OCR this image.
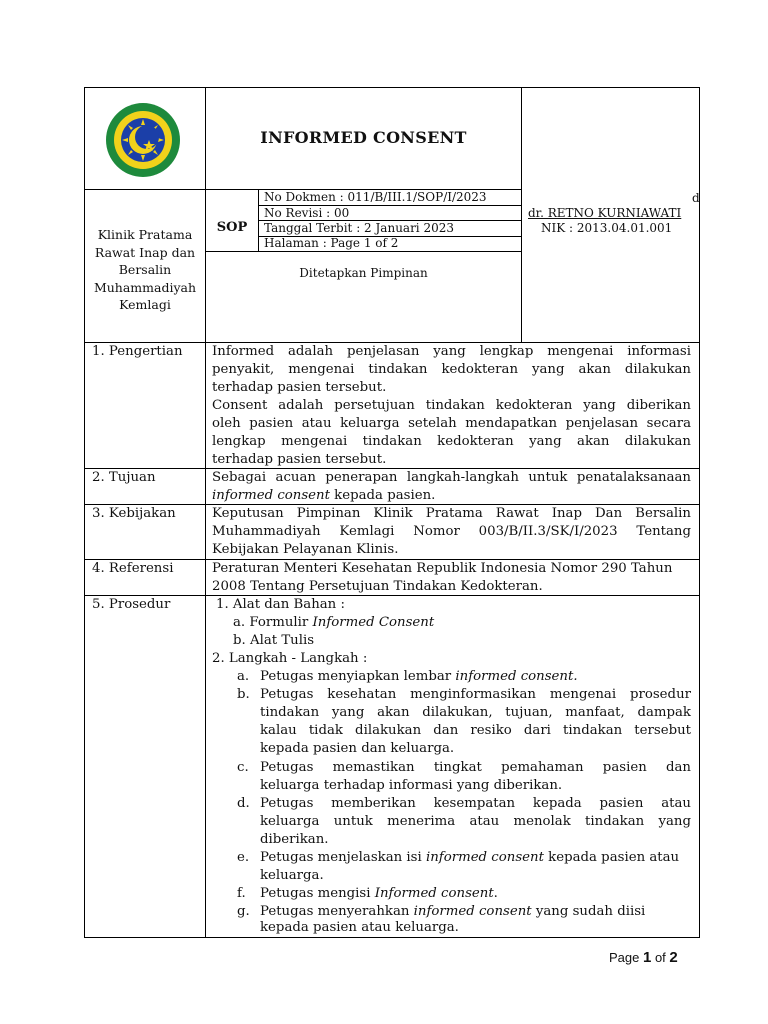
INFORMED CONSENT
Klinik Pratama
Rawat Inap dan
Bersalin
Muhammadiyah
Kemlagi
SOP
No Dokmen : 011/B/III.1/SOP/I/2023
No Revisi : 00
Tanggal Terbit : 2 Januari 2023
Halaman : Page 1 of 2
Ditetapkan Pimpinan
d
dr. RETNO KURNIAWATI
NIK : 2013.04.01.001
1. Pengertian
2. Tujuan
3. Kebijakan
4. Referensi
5. Prosedur
Informed adalah penjelasan yang lengkap mengenai informasi
penyakit, mengenai tindakan kedokteran yang akan dilakukan
terhadap pasien tersebut.
Consent adalah persetujuan tindakan kedokteran yang diberikan
oleh pasien atau keluarga setelah mendapatkan penjelasan secara
lengkap mengenai tindakan kedokteran yang akan dilakukan
terhadap pasien tersebut.
Sebagai acuan penerapan langkah-langkah untuk penatalaksanaan
informed consent kepada pasien.
Keputusan Pimpinan Klinik Pratama Rawat Inap Dan Bersalin
Muhammadiyah Kemlagi Nomor 003/B/II.3/SK/I/2023 Tentang
Kebijakan Pelayanan Klinis.
Peraturan Menteri Kesehatan Republik Indonesia Nomor 290 Tahun
2008 Tentang Persetujuan Tindakan Kedokteran.
1. Alat dan Bahan :
a. Formulir Informed Consent
b. Alat Tulis
2. Langkah - Langkah :
a. Petugas menyiapkan lembar informed consent.
b. Petugas kesehatan menginformasikan mengenai prosedur
tindakan yang akan dilakukan, tujuan, manfaat, dampak
kalau tidak dilakukan dan resiko dari tindakan tersebut
kepada pasien dan keluarga.
c. Petugas memastikan tingkat pemahaman pasien dan
keluarga terhadap informasi yang diberikan.
d. Petugas memberikan kesempatan kepada pasien atau
keluarga untuk menerima atau menolak tindakan yang
diberikan.
e. Petugas menjelaskan isi informed consent kepada pasien atau
keluarga.
f. Petugas mengisi Informed consent.
g. Petugas menyerahkan informed consent yang sudah diisi
kepada pasien atau keluarga.
Page 1 of 2
